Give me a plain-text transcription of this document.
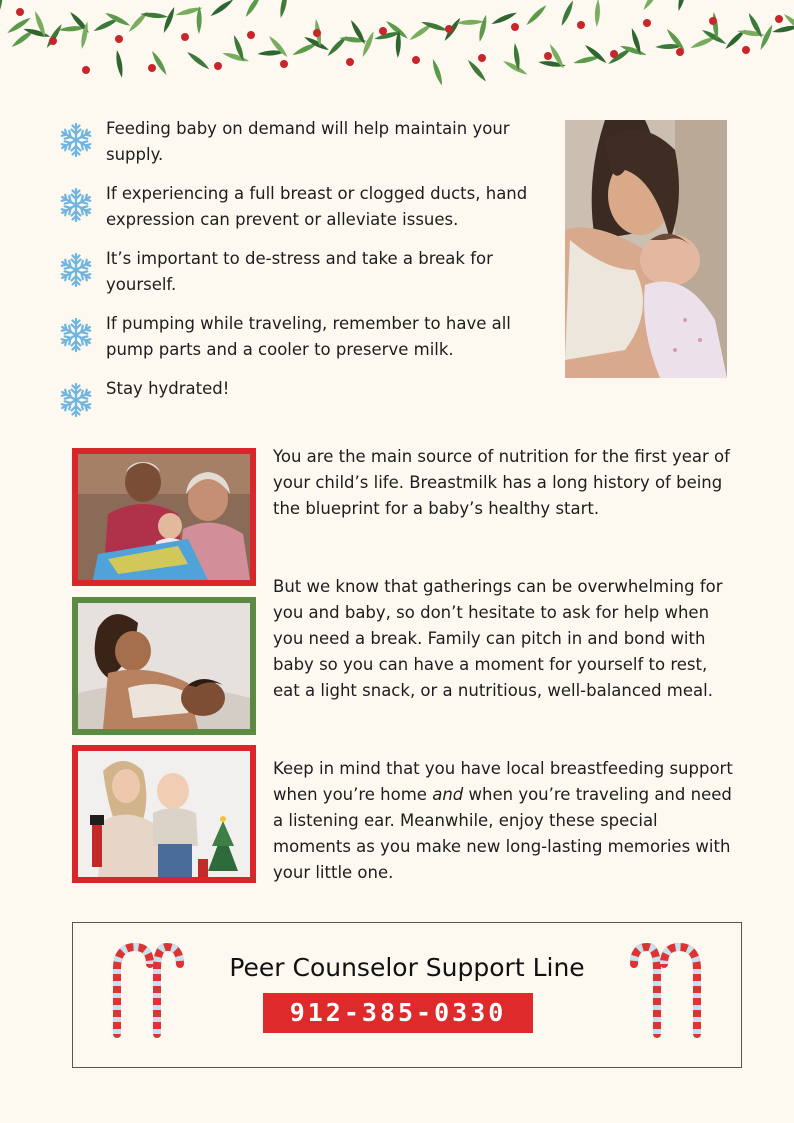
Feeding baby on demand will help maintain your supply.
If experiencing a full breast or clogged ducts, hand expression can prevent or alleviate issues.
It’s important to de-stress and take a break for yourself.
If pumping while traveling, remember to have all pump parts and a cooler to preserve milk.
Stay hydrated!
You are the main source of nutrition for the first year of your child’s life. Breastmilk has a long history of being the blueprint for a baby’s healthy start.
But we know that gatherings can be overwhelming for you and baby, so don’t hesitate to ask for help when you need a break. Family can pitch in and bond with baby so you can have a moment for yourself to rest, eat a light snack, or a nutritious, well-balanced meal.
Keep in mind that you have local breastfeeding support when you’re home and when you’re traveling and need a listening ear. Meanwhile, enjoy these special moments as you make new long-lasting memories with your little one.
Peer Counselor Support Line
912-385-0330
